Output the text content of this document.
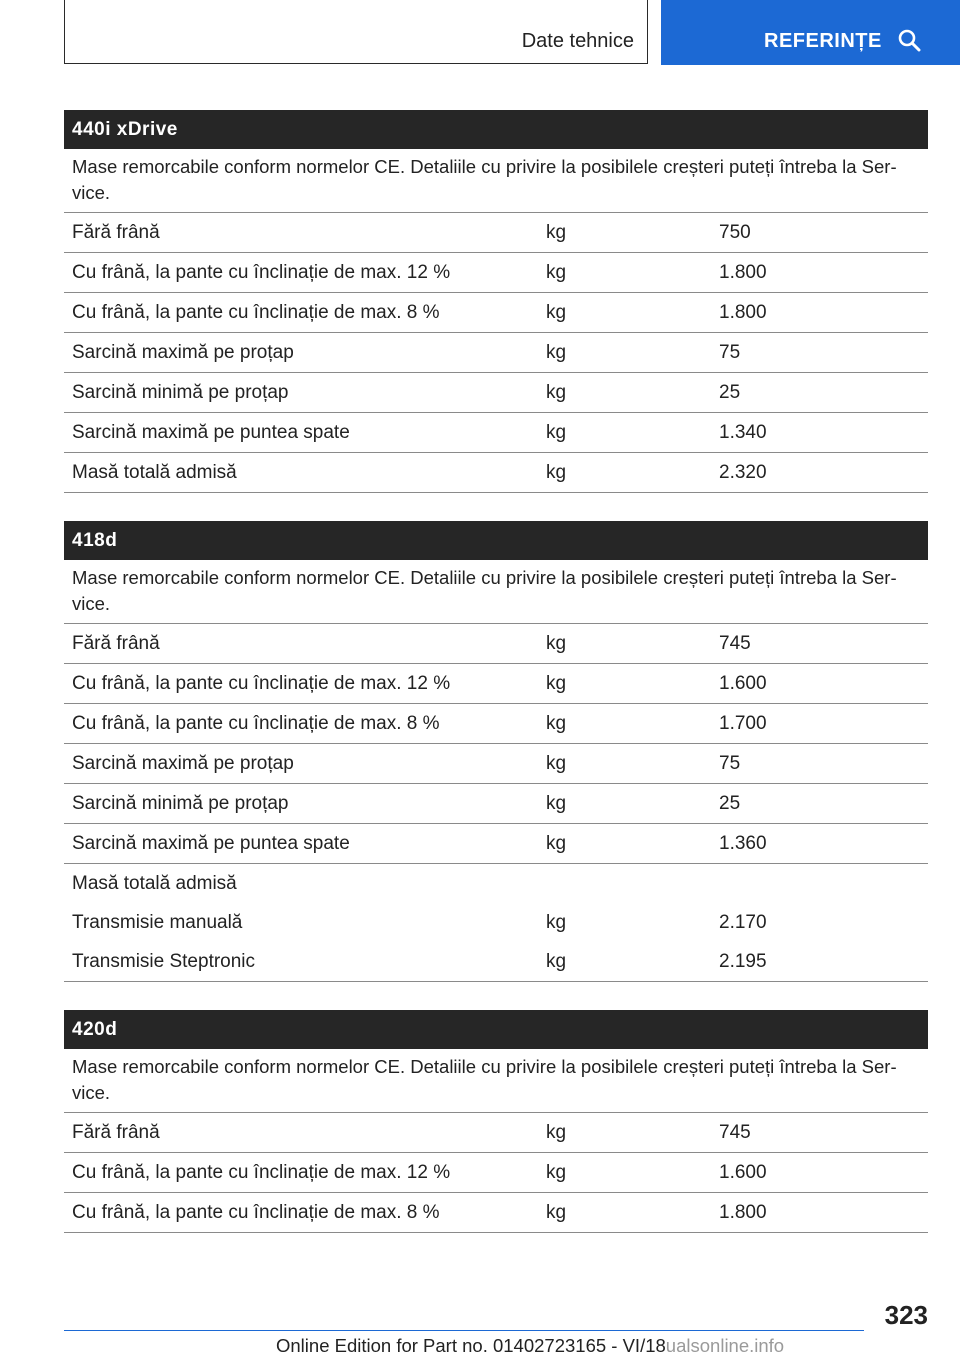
Date tehnice	REFERINȚE
440i xDrive
Mase remorcabile conform normelor CE. Detaliile cu privire la posibilele creșteri puteți întreba la Ser-vice.
Fără frână	kg	750
Cu frână, la pante cu înclinație de max. 12 %	kg	1.800
Cu frână, la pante cu înclinație de max. 8 %	kg	1.800
Sarcină maximă pe proțap	kg	75
Sarcină minimă pe proțap	kg	25
Sarcină maximă pe puntea spate	kg	1.340
Masă totală admisă	kg	2.320
418d
Mase remorcabile conform normelor CE. Detaliile cu privire la posibilele creșteri puteți întreba la Ser-vice.
Fără frână	kg	745
Cu frână, la pante cu înclinație de max. 12 %	kg	1.600
Cu frână, la pante cu înclinație de max. 8 %	kg	1.700
Sarcină maximă pe proțap	kg	75
Sarcină minimă pe proțap	kg	25
Sarcină maximă pe puntea spate	kg	1.360
Masă totală admisă
Transmisie manuală	kg	2.170
Transmisie Steptronic	kg	2.195
420d
Mase remorcabile conform normelor CE. Detaliile cu privire la posibilele creșteri puteți întreba la Ser-vice.
Fără frână	kg	745
Cu frână, la pante cu înclinație de max. 12 %	kg	1.600
Cu frână, la pante cu înclinație de max. 8 %	kg	1.800
323
Online Edition for Part no. 01402723165 - VI/18ualsonline.info
